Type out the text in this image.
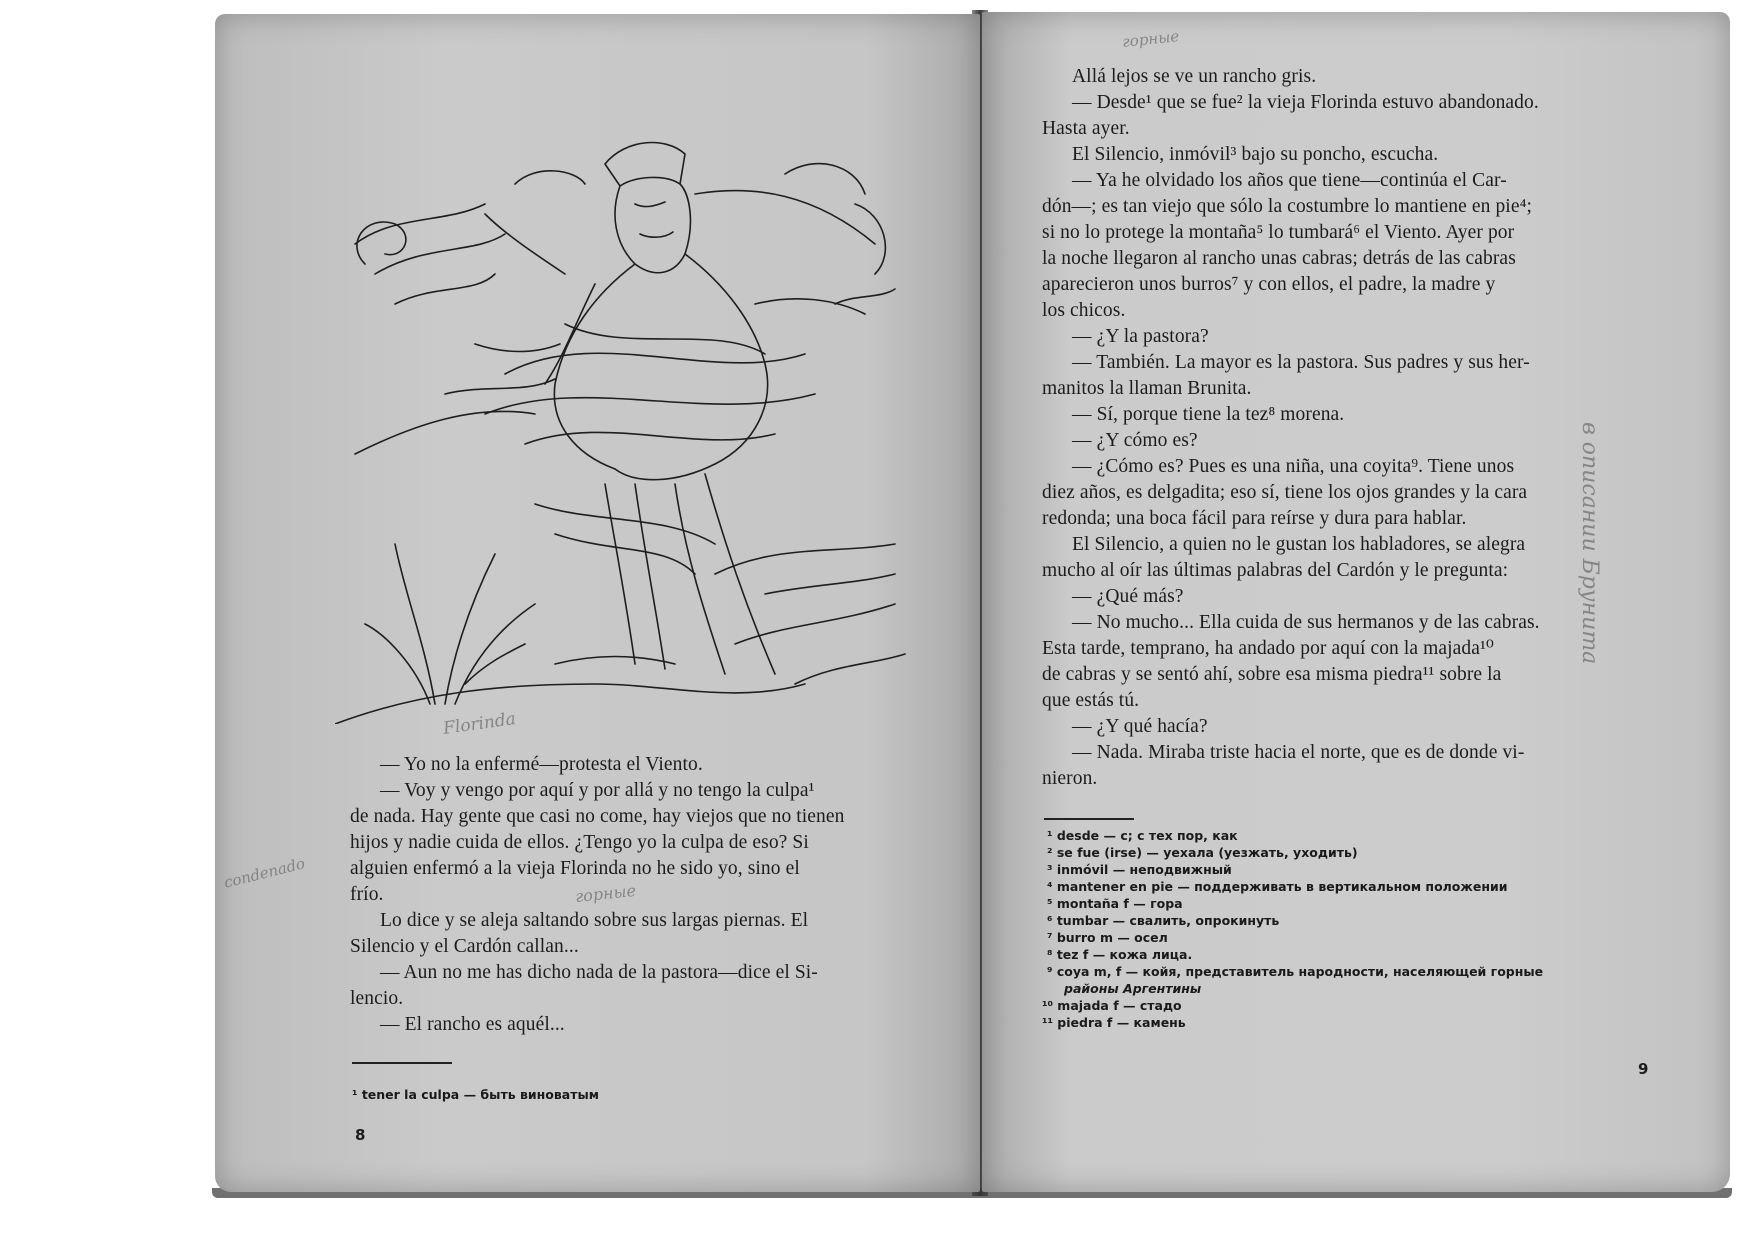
Florinda
condenado
горные
— Yo no la enfermé—protesta el Viento.
— Voy y vengo por aquí y por allá y no tengo la culpa¹
de nada. Hay gente que casi no come, hay viejos que no tienen
hijos y nadie cuida de ellos. ¿Tengo yo la culpa de eso? Si
alguien enfermó a la vieja Florinda no he sido yo, sino el
frío.
Lo dice y se aleja saltando sobre sus largas piernas. El
Silencio y el Cardón callan...
— Aun no me has dicho nada de la pastora—dice el Si-
lencio.
— El rancho es aquél...
¹ tener la culpa — быть виноватым
8
горные
в описании Брунита
Allá lejos se ve un rancho gris.
— Desde¹ que se fue² la vieja Florinda estuvo abandonado.
Hasta ayer.
El Silencio, inmóvil³ bajo su poncho, escucha.
— Ya he olvidado los años que tiene—continúa el Car-
dón—; es tan viejo que sólo la costumbre lo mantiene en pie⁴;
si no lo protege la montaña⁵ lo tumbará⁶ el Viento. Ayer por
la noche llegaron al rancho unas cabras; detrás de las cabras
aparecieron unos burros⁷ y con ellos, el padre, la madre y
los chicos.
— ¿Y la pastora?
— También. La mayor es la pastora. Sus padres y sus her-
manitos la llaman Brunita.
— Sí, porque tiene la tez⁸ morena.
— ¿Y cómo es?
— ¿Cómo es? Pues es una niña, una coyita⁹. Tiene unos
diez años, es delgadita; eso sí, tiene los ojos grandes y la cara
redonda; una boca fácil para reírse y dura para hablar.
El Silencio, a quien no le gustan los habladores, se alegra
mucho al oír las últimas palabras del Cardón y le pregunta:
— ¿Qué más?
— No mucho... Ella cuida de sus hermanos y de las cabras.
Esta tarde, temprano, ha andado por aquí con la majada¹⁰
de cabras y se sentó ahí, sobre esa misma piedra¹¹ sobre la
que estás tú.
— ¿Y qué hacía?
— Nada. Miraba triste hacia el norte, que es de donde vi-
nieron.
¹ desde — с; с тех пор, как
² se fue (irse) — уехала (уезжать, уходить)
³ inmóvil — неподвижный
⁴ mantener en pie — поддерживать в вертикальном положении
⁵ montaña f — гора
⁶ tumbar — свалить, опрокинуть
⁷ burro m — осел
⁸ tez f — кожа лица.
⁹ coya m, f — койя, представитель народности, населяющей горные
районы Аргентины
¹⁰ majada f — стадо
¹¹ piedra f — камень
9
